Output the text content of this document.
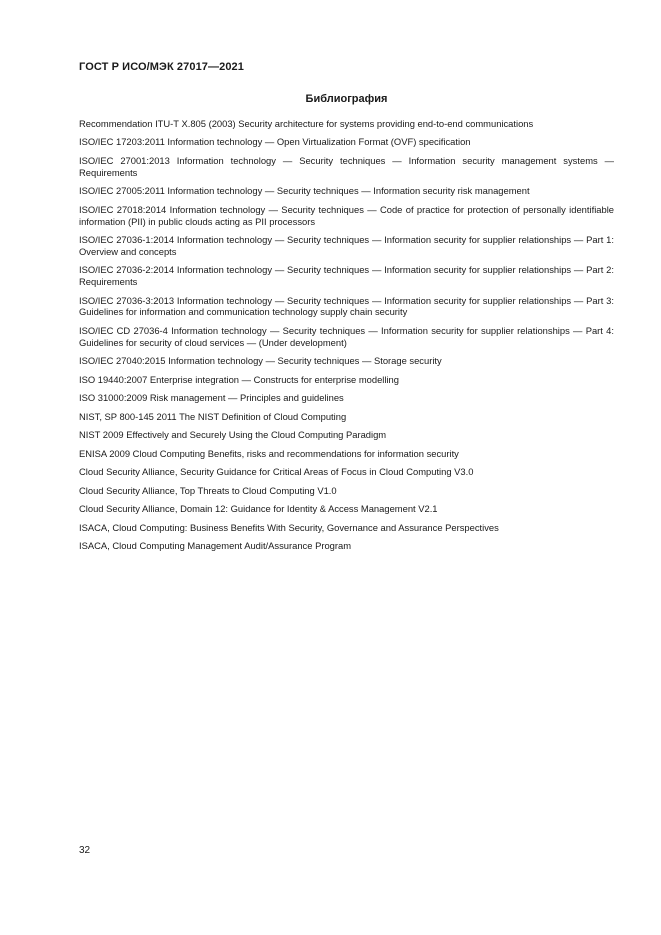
ГОСТ Р ИСО/МЭК 27017—2021
Библиография
Recommendation ITU-T X.805 (2003) Security architecture for systems providing end-to-end communications
ISO/IEC 17203:2011 Information technology — Open Virtualization Format (OVF) specification
ISO/IEC 27001:2013 Information technology — Security techniques — Information security management systems — Requirements
ISO/IEC 27005:2011 Information technology — Security techniques — Information security risk management
ISO/IEC 27018:2014 Information technology — Security techniques — Code of practice for protection of personally identifiable information (PII) in public clouds acting as PII processors
ISO/IEC 27036-1:2014 Information technology — Security techniques — Information security for supplier relationships — Part 1: Overview and concepts
ISO/IEC 27036-2:2014 Information technology — Security techniques — Information security for supplier relationships — Part 2: Requirements
ISO/IEC 27036-3:2013 Information technology — Security techniques — Information security for supplier relationships — Part 3: Guidelines for information and communication technology supply chain security
ISO/IEC CD 27036-4 Information technology — Security techniques — Information security for supplier relationships — Part 4: Guidelines for security of cloud services — (Under development)
ISO/IEC 27040:2015 Information technology — Security techniques — Storage security
ISO 19440:2007 Enterprise integration — Constructs for enterprise modelling
ISO 31000:2009 Risk management — Principles and guidelines
NIST, SP 800-145 2011 The NIST Definition of Cloud Computing
NIST 2009 Effectively and Securely Using the Cloud Computing Paradigm
ENISA 2009 Cloud Computing Benefits, risks and recommendations for information security
Cloud Security Alliance, Security Guidance for Critical Areas of Focus in Cloud Computing V3.0
Cloud Security Alliance, Top Threats to Cloud Computing V1.0
Cloud Security Alliance, Domain 12: Guidance for Identity & Access Management V2.1
ISACA, Cloud Computing: Business Benefits With Security, Governance and Assurance Perspectives
ISACA, Cloud Computing Management Audit/Assurance Program
32
